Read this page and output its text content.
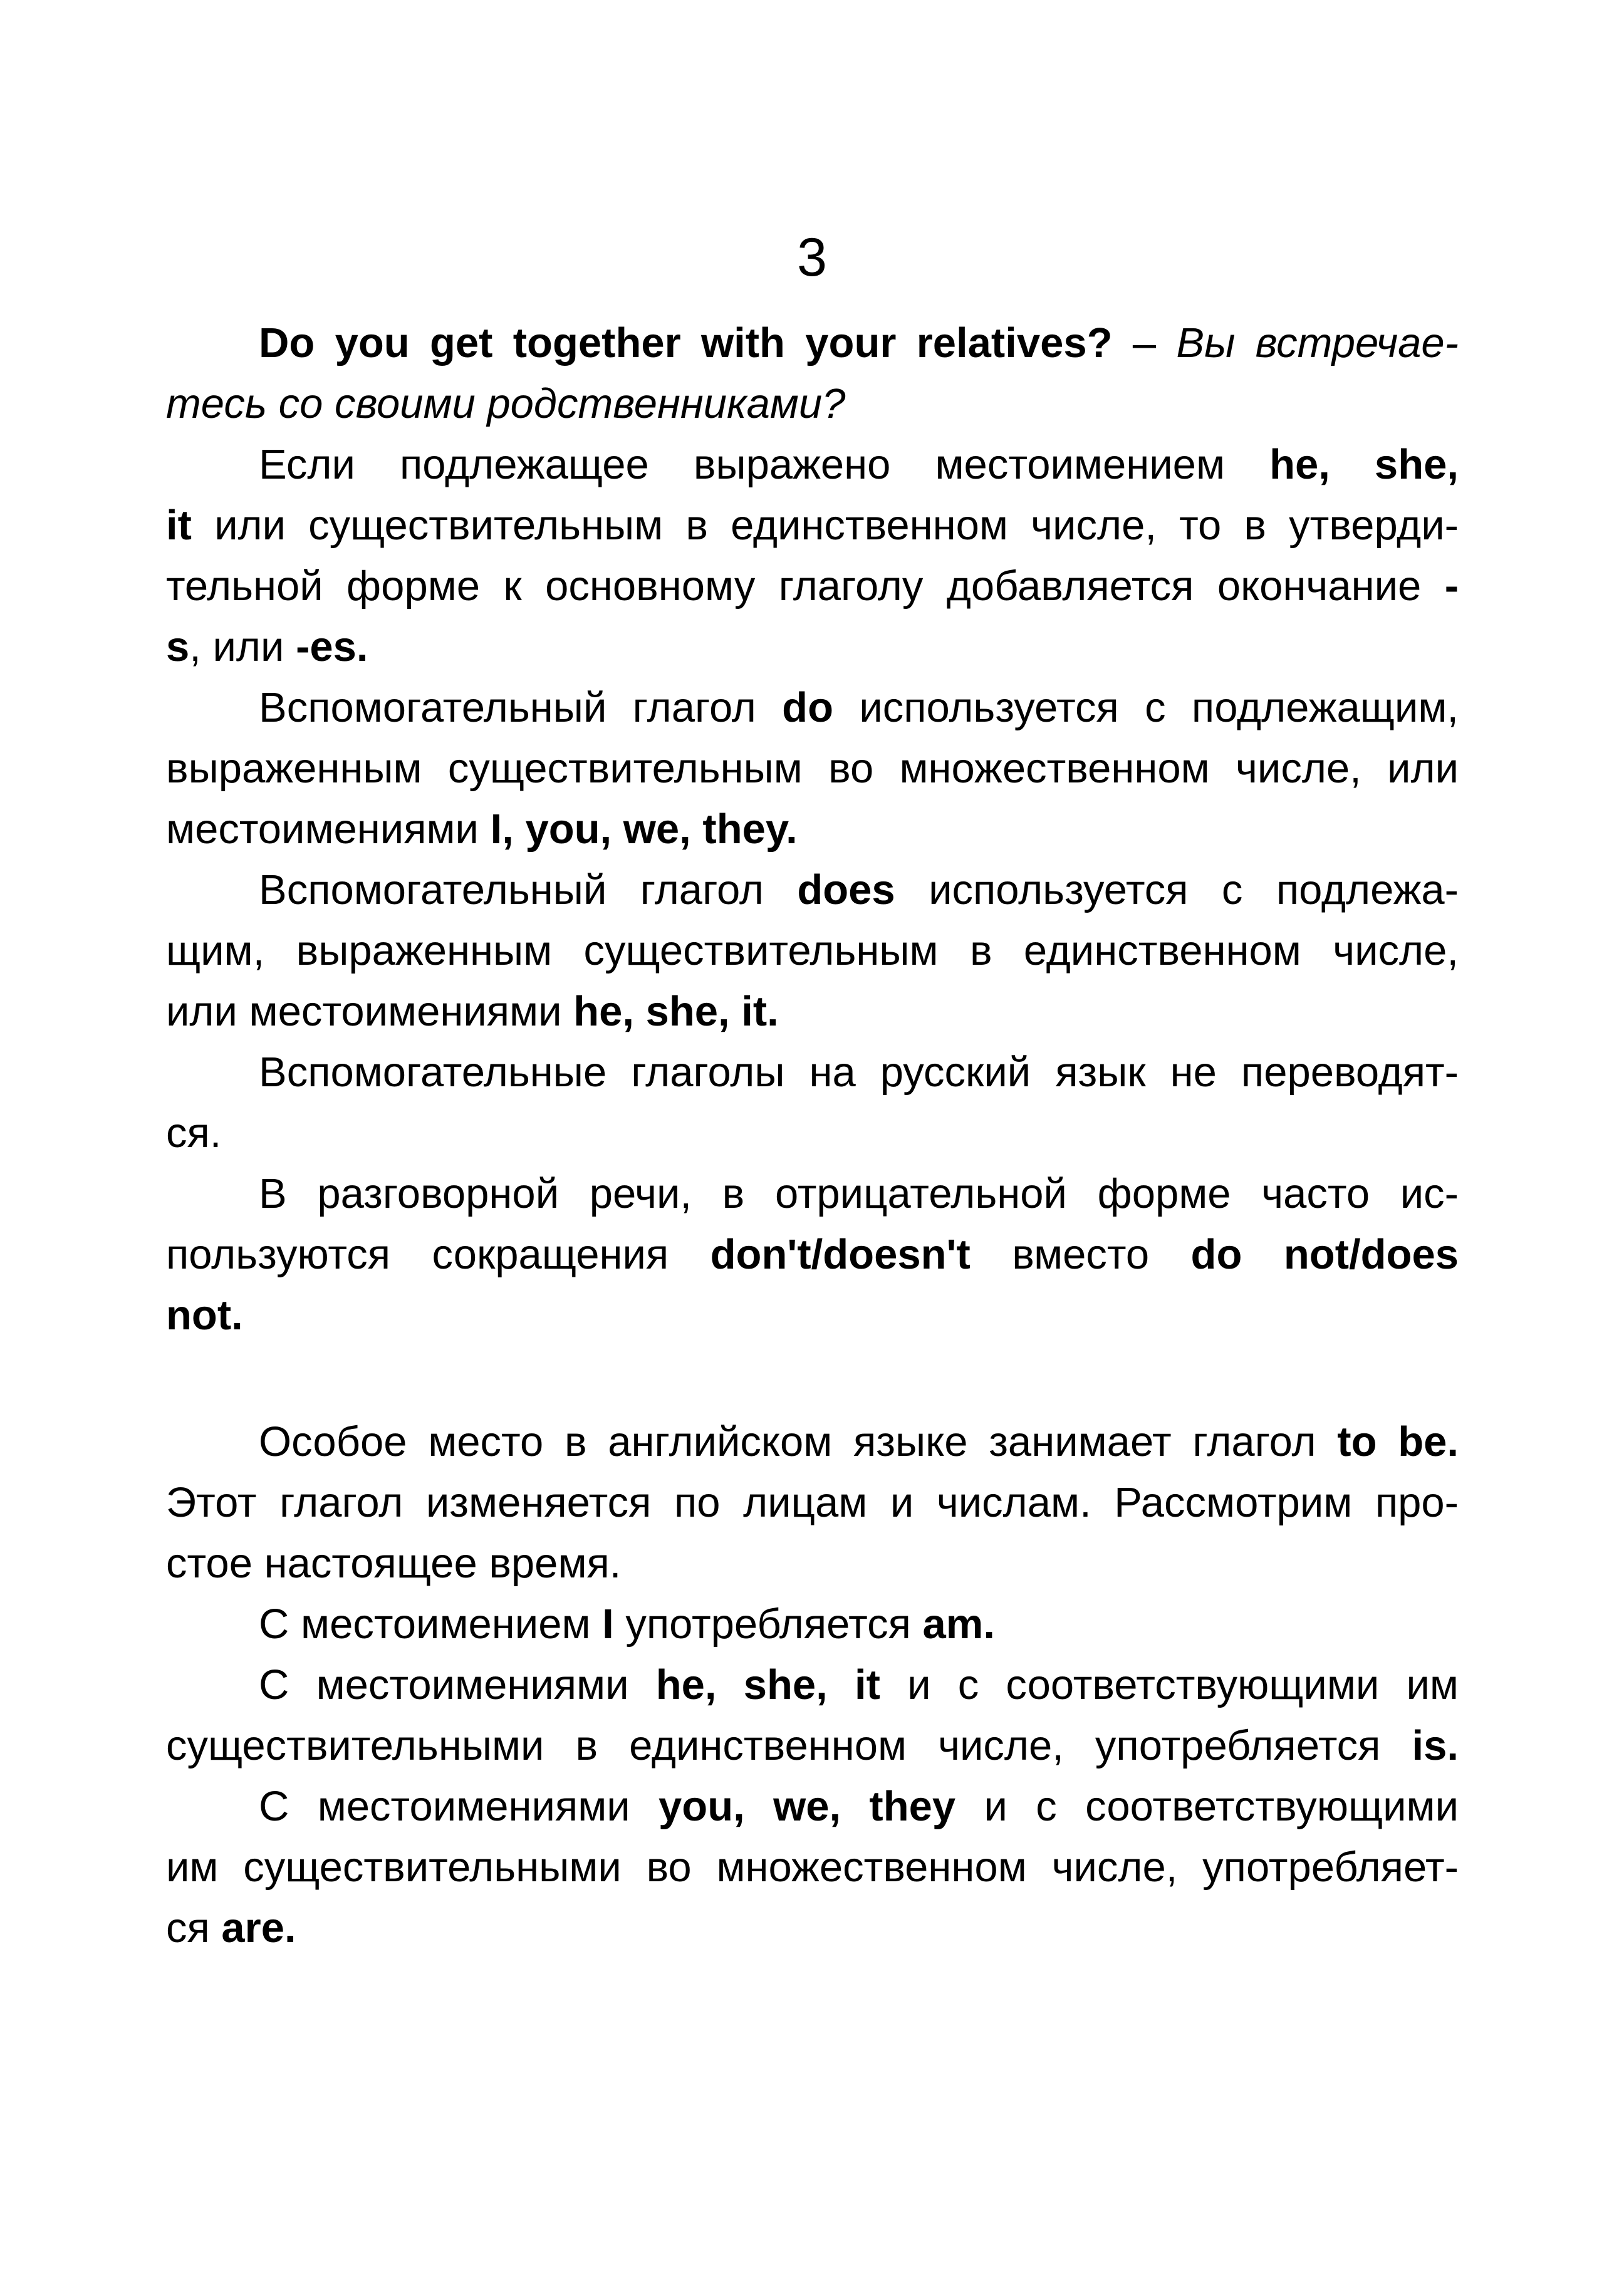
3
Do you get together with your relatives? – Вы встречае-
тесь со своими родственниками?
Если подлежащее выражено местоимением he, she,
it или существительным в единственном числе, то в утверди-
тельной форме к основному глаголу добавляется окончание -
s, или -es.
Вспомогательный глагол do используется с подлежащим,
выраженным существительным во множественном числе, или
местоимениями I, you, we, they.
Вспомогательный глагол does используется с подлежа-
щим, выраженным существительным в единственном числе,
или местоимениями he, she, it.
Вспомогательные глаголы на русский язык не переводят-
ся.
В разговорной речи, в отрицательной форме часто ис-
пользуются сокращения don't/doesn't вместо do not/does
not.
Особое место в английском языке занимает глагол to be.
Этот глагол изменяется по лицам и числам. Рассмотрим про-
стое настоящее время.
С местоимением I употребляется am.
С местоимениями he, she, it и с соответствующими им
существительными в единственном числе, употребляется is.
С местоимениями you, we, they и с соответствующими
им существительными во множественном числе, употребляет-
ся are.
